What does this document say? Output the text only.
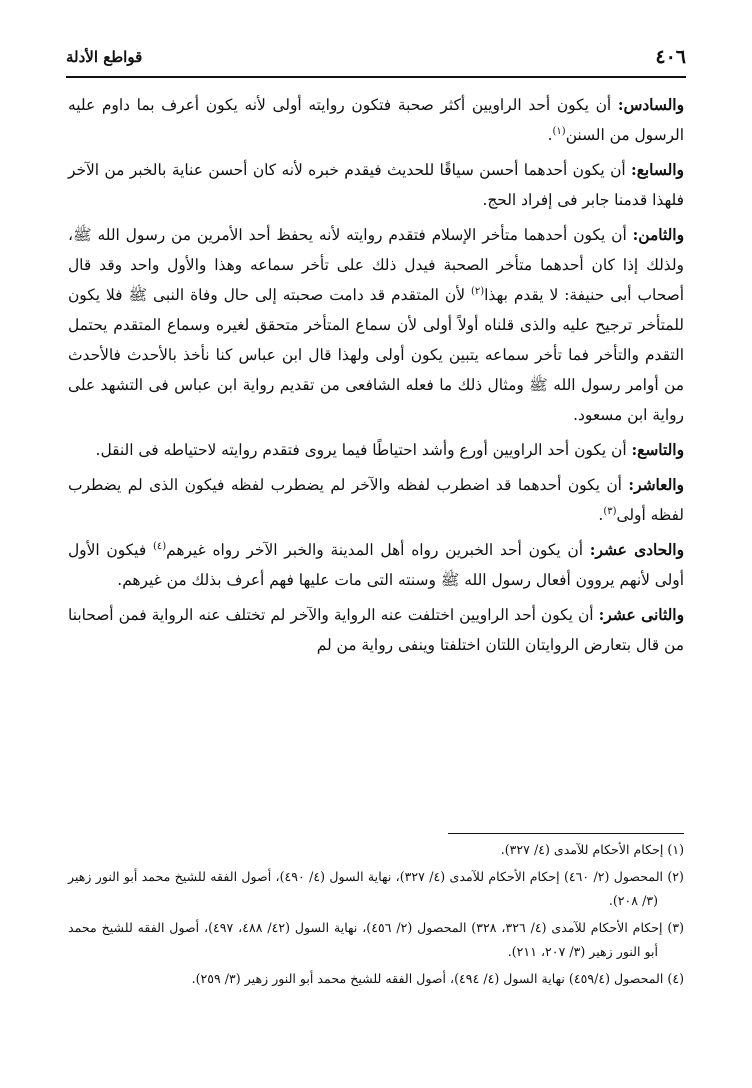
٤٠٦
قواطع الأدلة

والسادس: أن يكون أحد الراويين أكثر صحبة فتكون روايته أولى لأنه يكون أعرف بما داوم عليه الرسول من السنن$^{(١)}$.

والسابع: أن يكون أحدهما أحسن سياقًا للحديث فيقدم خبره لأنه كان أحسن عناية بالخبر من الآخر فلهذا قدمنا جابر فى إفراد الحج.

والثامن: أن يكون أحدهما متأخر الإسلام فتقدم روايته لأنه يحفظ أحد الأمرين من رسول الله ﷺ، ولذلك إذا كان أحدهما متأخر الصحبة فيدل ذلك على تأخر سماعه وهذا والأول واحد وقد قال أصحاب أبى حنيفة: لا يقدم بهذا$^{(٢)}$ لأن المتقدم قد دامت صحبته إلى حال وفاة النبى ﷺ فلا يكون للمتأخر ترجيح عليه والذى قلناه أولاً أولى لأن سماع المتأخر متحقق لغيره وسماع المتقدم يحتمل التقدم والتأخر فما تأخر سماعه يتبين يكون أولى ولهذا قال ابن عباس كنا نأخذ بالأحدث فالأحدث من أوامر رسول الله ﷺ ومثال ذلك ما فعله الشافعى من تقديم رواية ابن عباس فى التشهد على رواية ابن مسعود.

والتاسع: أن يكون أحد الراويين أورع وأشد احتياطًا فيما يروى فتقدم روايته لاحتياطه فى النقل.

والعاشر: أن يكون أحدهما قد اضطرب لفظه والآخر لم يضطرب لفظه فيكون الذى لم يضطرب لفظه أولى$^{(٣)}$.

والحادى عشر: أن يكون أحد الخبرين رواه أهل المدينة والخبر الآخر رواه غيرهم$^{(٤)}$ فيكون الأول أولى لأنهم يروون أفعال رسول الله ﷺ وسنته التى مات عليها فهم أعرف بذلك من غيرهم.

والثانى عشر: أن يكون أحد الراويين اختلفت عنه الرواية والآخر لم تختلف عنه الرواية فمن أصحابنا من قال بتعارض الروايتان اللتان اختلفتا وينفى رواية من لم

(١) إحكام الأحكام للآمدى (٤/ ٣٢٧).

(٢) المحصول (٢/ ٤٦٠) إحكام الأحكام للآمدى (٤/ ٣٢٧)، نهاية السول (٤/ ٤٩٠)، أصول الفقه للشيخ محمد أبو النور زهير (٣/ ٢٠٨).

(٣) إحكام الأحكام للآمدى (٤/ ٣٢٦، ٣٢٨) المحصول (٢/ ٤٥٦)، نهاية السول (٤٢/ ٤٨٨، ٤٩٧)، أصول الفقه للشيخ محمد أبو النور زهير (٣/ ٢٠٧، ٢١١).

(٤) المحصول (٤٥٩/٤) نهاية السول (٤/ ٤٩٤)، أصول الفقه للشيخ محمد أبو النور زهير (٣/ ٢٥٩).
